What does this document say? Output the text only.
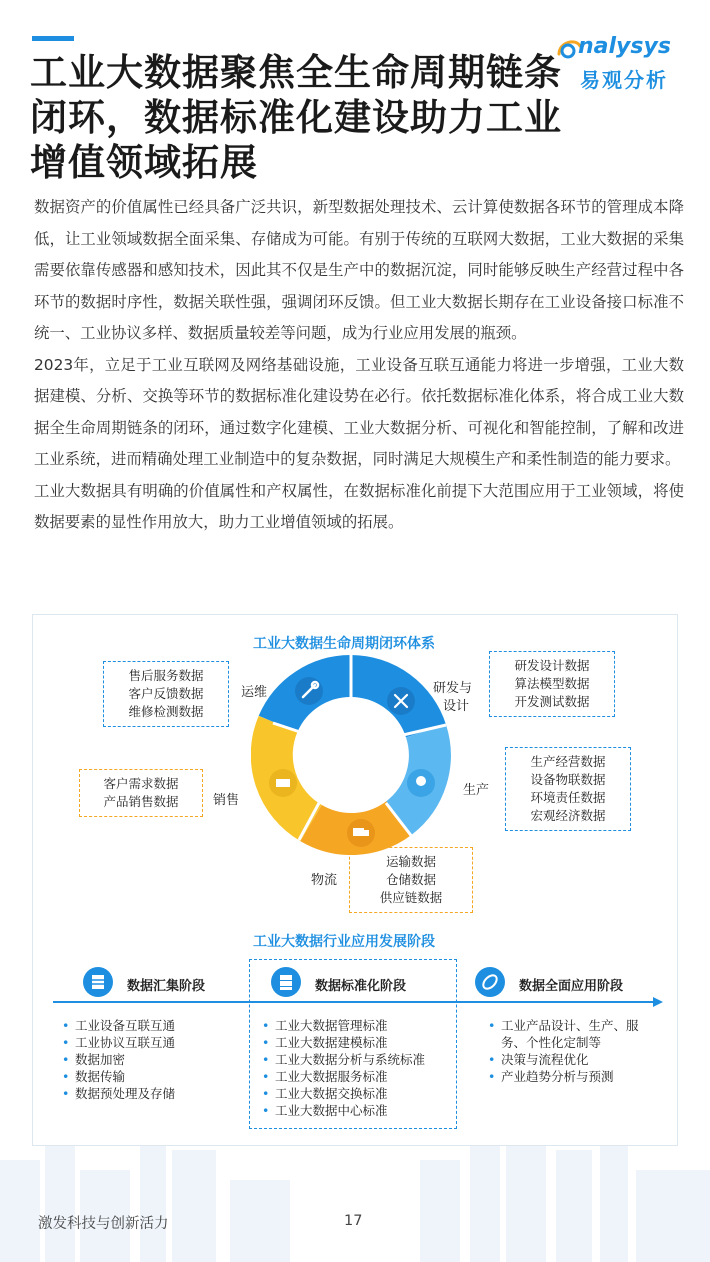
工业大数据聚焦全生命周期链条闭环，数据标准化建设助力工业增值领域拓展
nalysys
易观分析

数据资产的价值属性已经具备广泛共识，新型数据处理技术、云计算使数据各环节的管理成本降低，让工业领域数据全面采集、存储成为可能。有别于传统的互联网大数据，工业大数据的采集需要依靠传感器和感知技术，因此其不仅是生产中的数据沉淀，同时能够反映生产经营过程中各环节的数据时序性，数据关联性强，强调闭环反馈。但工业大数据长期存在工业设备接口标准不统一、工业协议多样、数据质量较差等问题，成为行业应用发展的瓶颈。

2023年，立足于工业互联网及网络基础设施，工业设备互联互通能力将进一步增强，工业大数据建模、分析、交换等环节的数据标准化建设势在必行。依托数据标准化体系，将合成工业大数据全生命周期链条的闭环，通过数字化建模、工业大数据分析、可视化和智能控制，了解和改进工业系统，进而精确处理工业制造中的复杂数据，同时满足大规模生产和柔性制造的能力要求。

工业大数据具有明确的价值属性和产权属性，在数据标准化前提下大范围应用于工业领域，将使数据要素的显性作用放大，助力工业增值领域的拓展。

工业大数据生命周期闭环体系
售后服务数据
客户反馈数据
维修检测数据
运维	研发与
设计
研发设计数据
算法模型数据
开发测试数据
生产
生产经营数据
设备物联数据
环境责任数据
宏观经济数据
客户需求数据
产品销售数据	销售
物流
运输数据
仓储数据
供应链数据
工业大数据行业应用发展阶段
数据汇集阶段	数据标准化阶段	数据全面应用阶段
• 工业设备互联互通
• 工业协议互联互通
• 数据加密
• 数据传输
• 数据预处理及存储
• 工业大数据管理标准
• 工业大数据建模标准
• 工业大数据分析与系统标准
• 工业大数据服务标准
• 工业大数据交换标准
• 工业大数据中心标准
• 工业产品设计、生产、服务、个性化定制等
• 决策与流程优化
• 产业趋势分析与预测
激发科技与创新活力	17
